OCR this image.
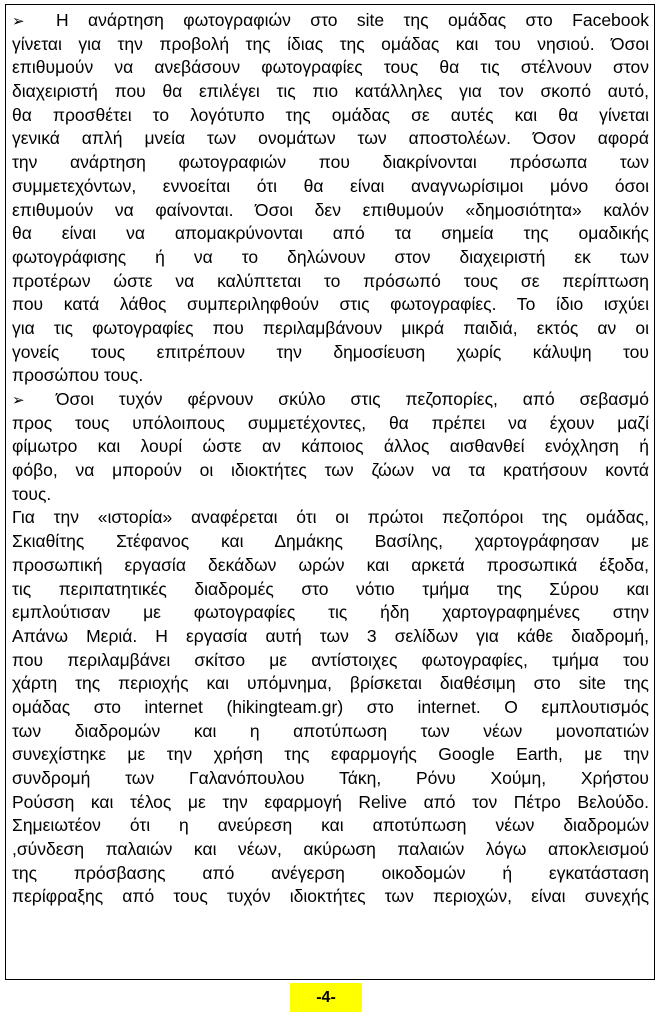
➢ Η ανάρτηση φωτογραφιών στο site της ομάδας στο Facebook
γίνεται για την προβολή της ίδιας της ομάδας και του νησιού. Όσοι
επιθυμούν να ανεβάσουν φωτογραφίες τους θα τις στέλνουν στον
διαχειριστή που θα επιλέγει τις πιο κατάλληλες για τον σκοπό αυτό,
θα προσθέτει το λογότυπο της ομάδας σε αυτές και θα γίνεται
γενικά απλή μνεία των ονομάτων των αποστολέων. Όσον αφορά
την ανάρτηση φωτογραφιών που διακρίνονται πρόσωπα των
συμμετεχόντων, εννοείται ότι θα είναι αναγνωρίσιμοι μόνο όσοι
επιθυμούν να φαίνονται. Όσοι δεν επιθυμούν «δημοσιότητα» καλόν
θα είναι να απομακρύνονται από τα σημεία της ομαδικής
φωτογράφισης ή να το δηλώνουν στον διαχειριστή εκ των
προτέρων ώστε να καλύπτεται το πρόσωπό τους σε περίπτωση
που κατά λάθος συμπεριληφθούν στις φωτογραφίες. Το ίδιο ισχύει
για τις φωτογραφίες που περιλαμβάνουν μικρά παιδιά, εκτός αν οι
γονείς τους επιτρέπουν την δημοσίευση χωρίς κάλυψη του
προσώπου τους.
➢ Όσοι τυχόν φέρνουν σκύλο στις πεζοπορίες, από σεβασμό
προς τους υπόλοιπους συμμετέχοντες, θα πρέπει να έχουν μαζί
φίμωτρο και λουρί ώστε αν κάποιος άλλος αισθανθεί ενόχληση ή
φόβο, να μπορούν οι ιδιοκτήτες των ζώων να τα κρατήσουν κοντά
τους.
Για την «ιστορία» αναφέρεται ότι οι πρώτοι πεζοπόροι της ομάδας,
Σκιαθίτης Στέφανος και Δημάκης Βασίλης, χαρτογράφησαν με
προσωπική εργασία δεκάδων ωρών και αρκετά προσωπικά έξοδα,
τις περιπατητικές διαδρομές στο νότιο τμήμα της Σύρου και
εμπλούτισαν με φωτογραφίες τις ήδη χαρτογραφημένες στην
Απάνω Μεριά. Η εργασία αυτή των 3 σελίδων για κάθε διαδρομή,
που περιλαμβάνει σκίτσο με αντίστοιχες φωτογραφίες, τμήμα του
χάρτη της περιοχής και υπόμνημα, βρίσκεται διαθέσιμη στο site της
ομάδας στο internet (hikingteam.gr) στο internet. Ο εμπλουτισμός
των διαδρομών και η αποτύπωση των νέων μονοπατιών
συνεχίστηκε με την χρήση της εφαρμογής Google Earth, με την
συνδρομή των Γαλανόπουλου Τάκη, Ρόνυ Χούμη, Χρήστου
Ρούσση και τέλος με την εφαρμογή Relive από τον Πέτρο Βελούδο.
Σημειωτέον ότι η ανεύρεση και αποτύπωση νέων διαδρομών
,σύνδεση παλαιών και νέων, ακύρωση παλαιών λόγω αποκλεισμού
της πρόσβασης από ανέγερση οικοδομών ή εγκατάσταση
περίφραξης από τους τυχόν ιδιοκτήτες των περιοχών, είναι συνεχής
-4-
